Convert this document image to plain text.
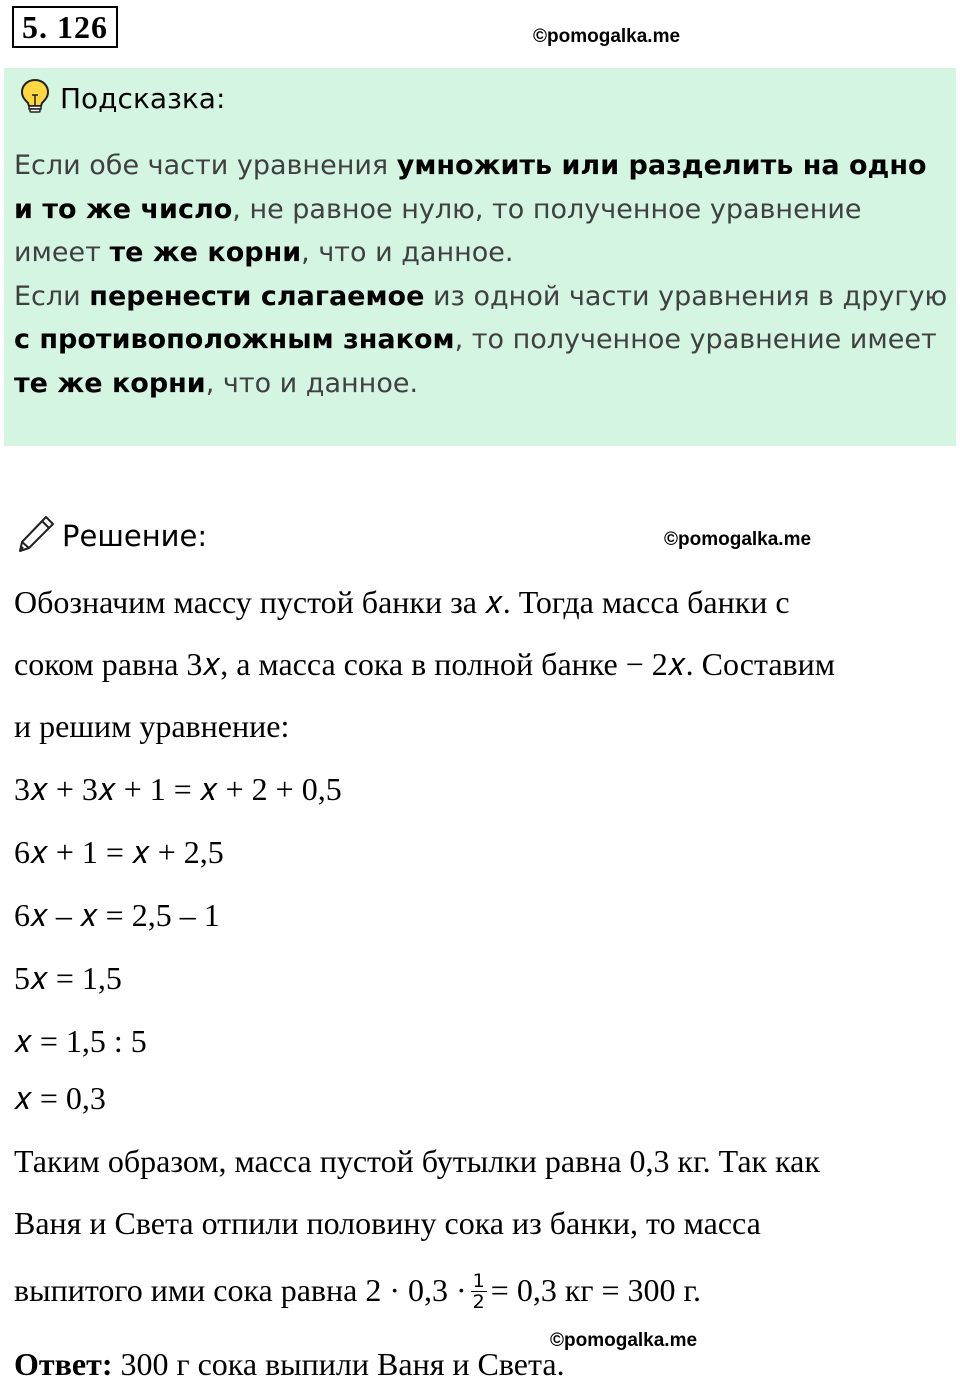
5. 126	©pomogalka.me
Подсказка:
Если обе части уравнения умножить или разделить на одно и то же число, не равное нулю, то полученное уравнение имеет те же корни, что и данное.
Если перенести слагаемое из одной части уравнения в другую с противоположным знаком, то полученное уравнение имеет те же корни, что и данное.
Решение:	©pomogalka.me
Обозначим массу пустой банки за 𝑥. Тогда масса банки с
соком равна 3𝑥, а масса сока в полной банке − 2𝑥. Составим
и решим уравнение:
3𝑥 + 3𝑥 + 1 = 𝑥 + 2 + 0,5
6𝑥 + 1 = 𝑥 + 2,5
6𝑥 – 𝑥 = 2,5 – 1
5𝑥 = 1,5
𝑥 = 1,5 : 5
𝑥 = 0,3
Таким образом, масса пустой бутылки равна 0,3 кг. Так как
Ваня и Света отпили половину сока из банки, то масса
выпитого ими сока равна $2 \cdot 0,3 \cdot \frac{1}{2} = 0,3$ кг = 300 г.
©pomogalka.me
Ответ: 300 г сока выпили Ваня и Света.
